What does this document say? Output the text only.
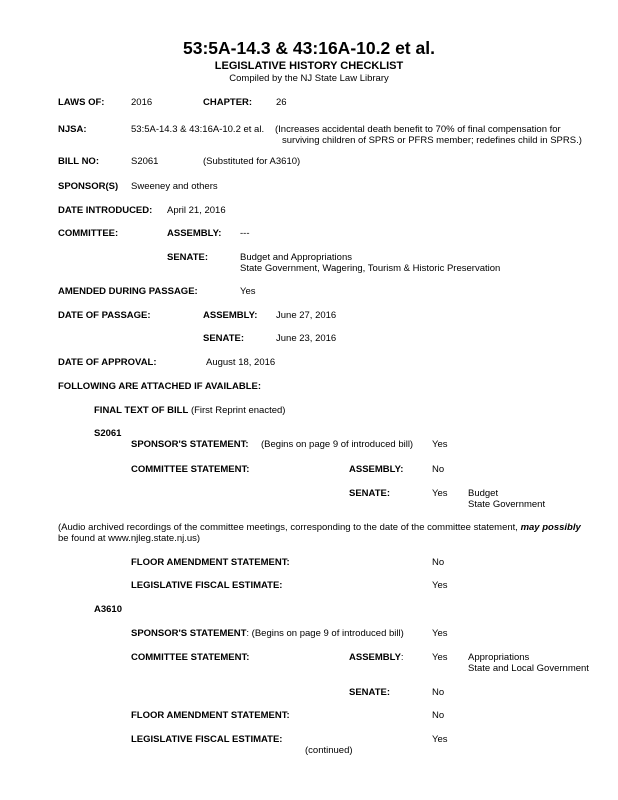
53:5A-14.3 & 43:16A-10.2 et al.
LEGISLATIVE HISTORY CHECKLIST
Compiled by the NJ State Law Library
LAWS OF:	2016	CHAPTER:	26
NJSA:	53:5A-14.3 & 43:16A-10.2 et al. (Increases accidental death benefit to 70% of final compensation for
surviving children of SPRS or PFRS member; redefines child in SPRS.)
BILL NO:	S2061	(Substituted for A3610)
SPONSOR(S) Sweeney and others
DATE INTRODUCED: April 21, 2016
COMMITTEE:	ASSEMBLY: ---
SENATE:	Budget and Appropriations
State Government, Wagering, Tourism & Historic Preservation
AMENDED DURING PASSAGE:	Yes
DATE OF PASSAGE:	ASSEMBLY: June 27, 2016
SENATE:	June 23, 2016
DATE OF APPROVAL:	August 18, 2016
FOLLOWING ARE ATTACHED IF AVAILABLE:
FINAL TEXT OF BILL (First Reprint enacted)
S2061
SPONSOR'S STATEMENT: (Begins on page 9 of introduced bill) Yes
COMMITTEE STATEMENT:	ASSEMBLY:	No
SENATE:	Yes Budget
State Government
(Audio archived recordings of the committee meetings, corresponding to the date of the committee statement, may possibly
be found at www.njleg.state.nj.us)
FLOOR AMENDMENT STATEMENT:	No
LEGISLATIVE FISCAL ESTIMATE:	Yes
A3610
SPONSOR'S STATEMENT: (Begins on page 9 of introduced bill)	Yes
COMMITTEE STATEMENT:	ASSEMBLY:	Yes Appropriations
State and Local Government
SENATE:	No
FLOOR AMENDMENT STATEMENT:	No
LEGISLATIVE FISCAL ESTIMATE:	Yes
(continued)
